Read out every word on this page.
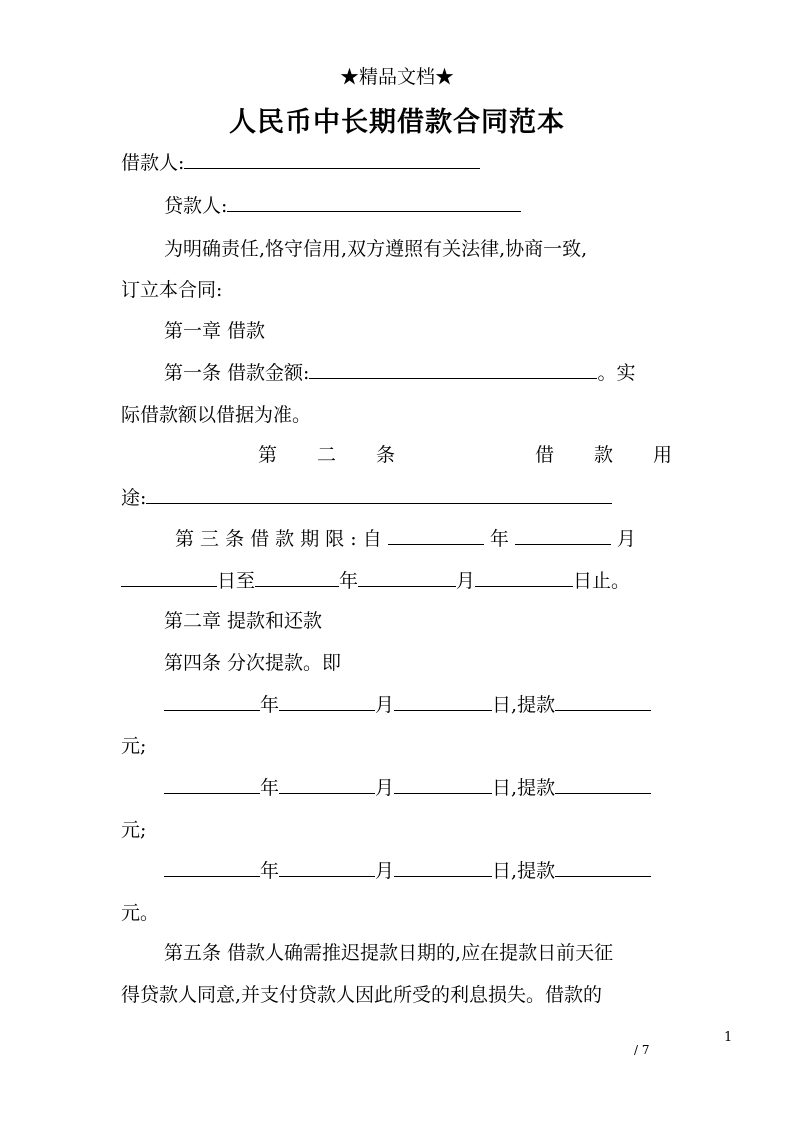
★精品文档★
人民币中长期借款合同范本
借款人:
贷款人:
为明确责任,恪守信用,双方遵照有关法律,协商一致,
订立本合同:
第一章 借款
第一条 借款金额:	。实
际借款额以借据为准。
第 二 条	借 款 用
途:
第 三 条 借 款 期 限 : 自	年	月
日至	年	月	日止。
第二章 提款和还款
第四条 分次提款。即
年	月	日,提款
元;
年	月	日,提款
元;
年	月	日,提款
元。
第五条 借款人确需推迟提款日期的,应在提款日前天征
得贷款人同意,并支付贷款人因此所受的利息损失。借款的
1
/ 7
